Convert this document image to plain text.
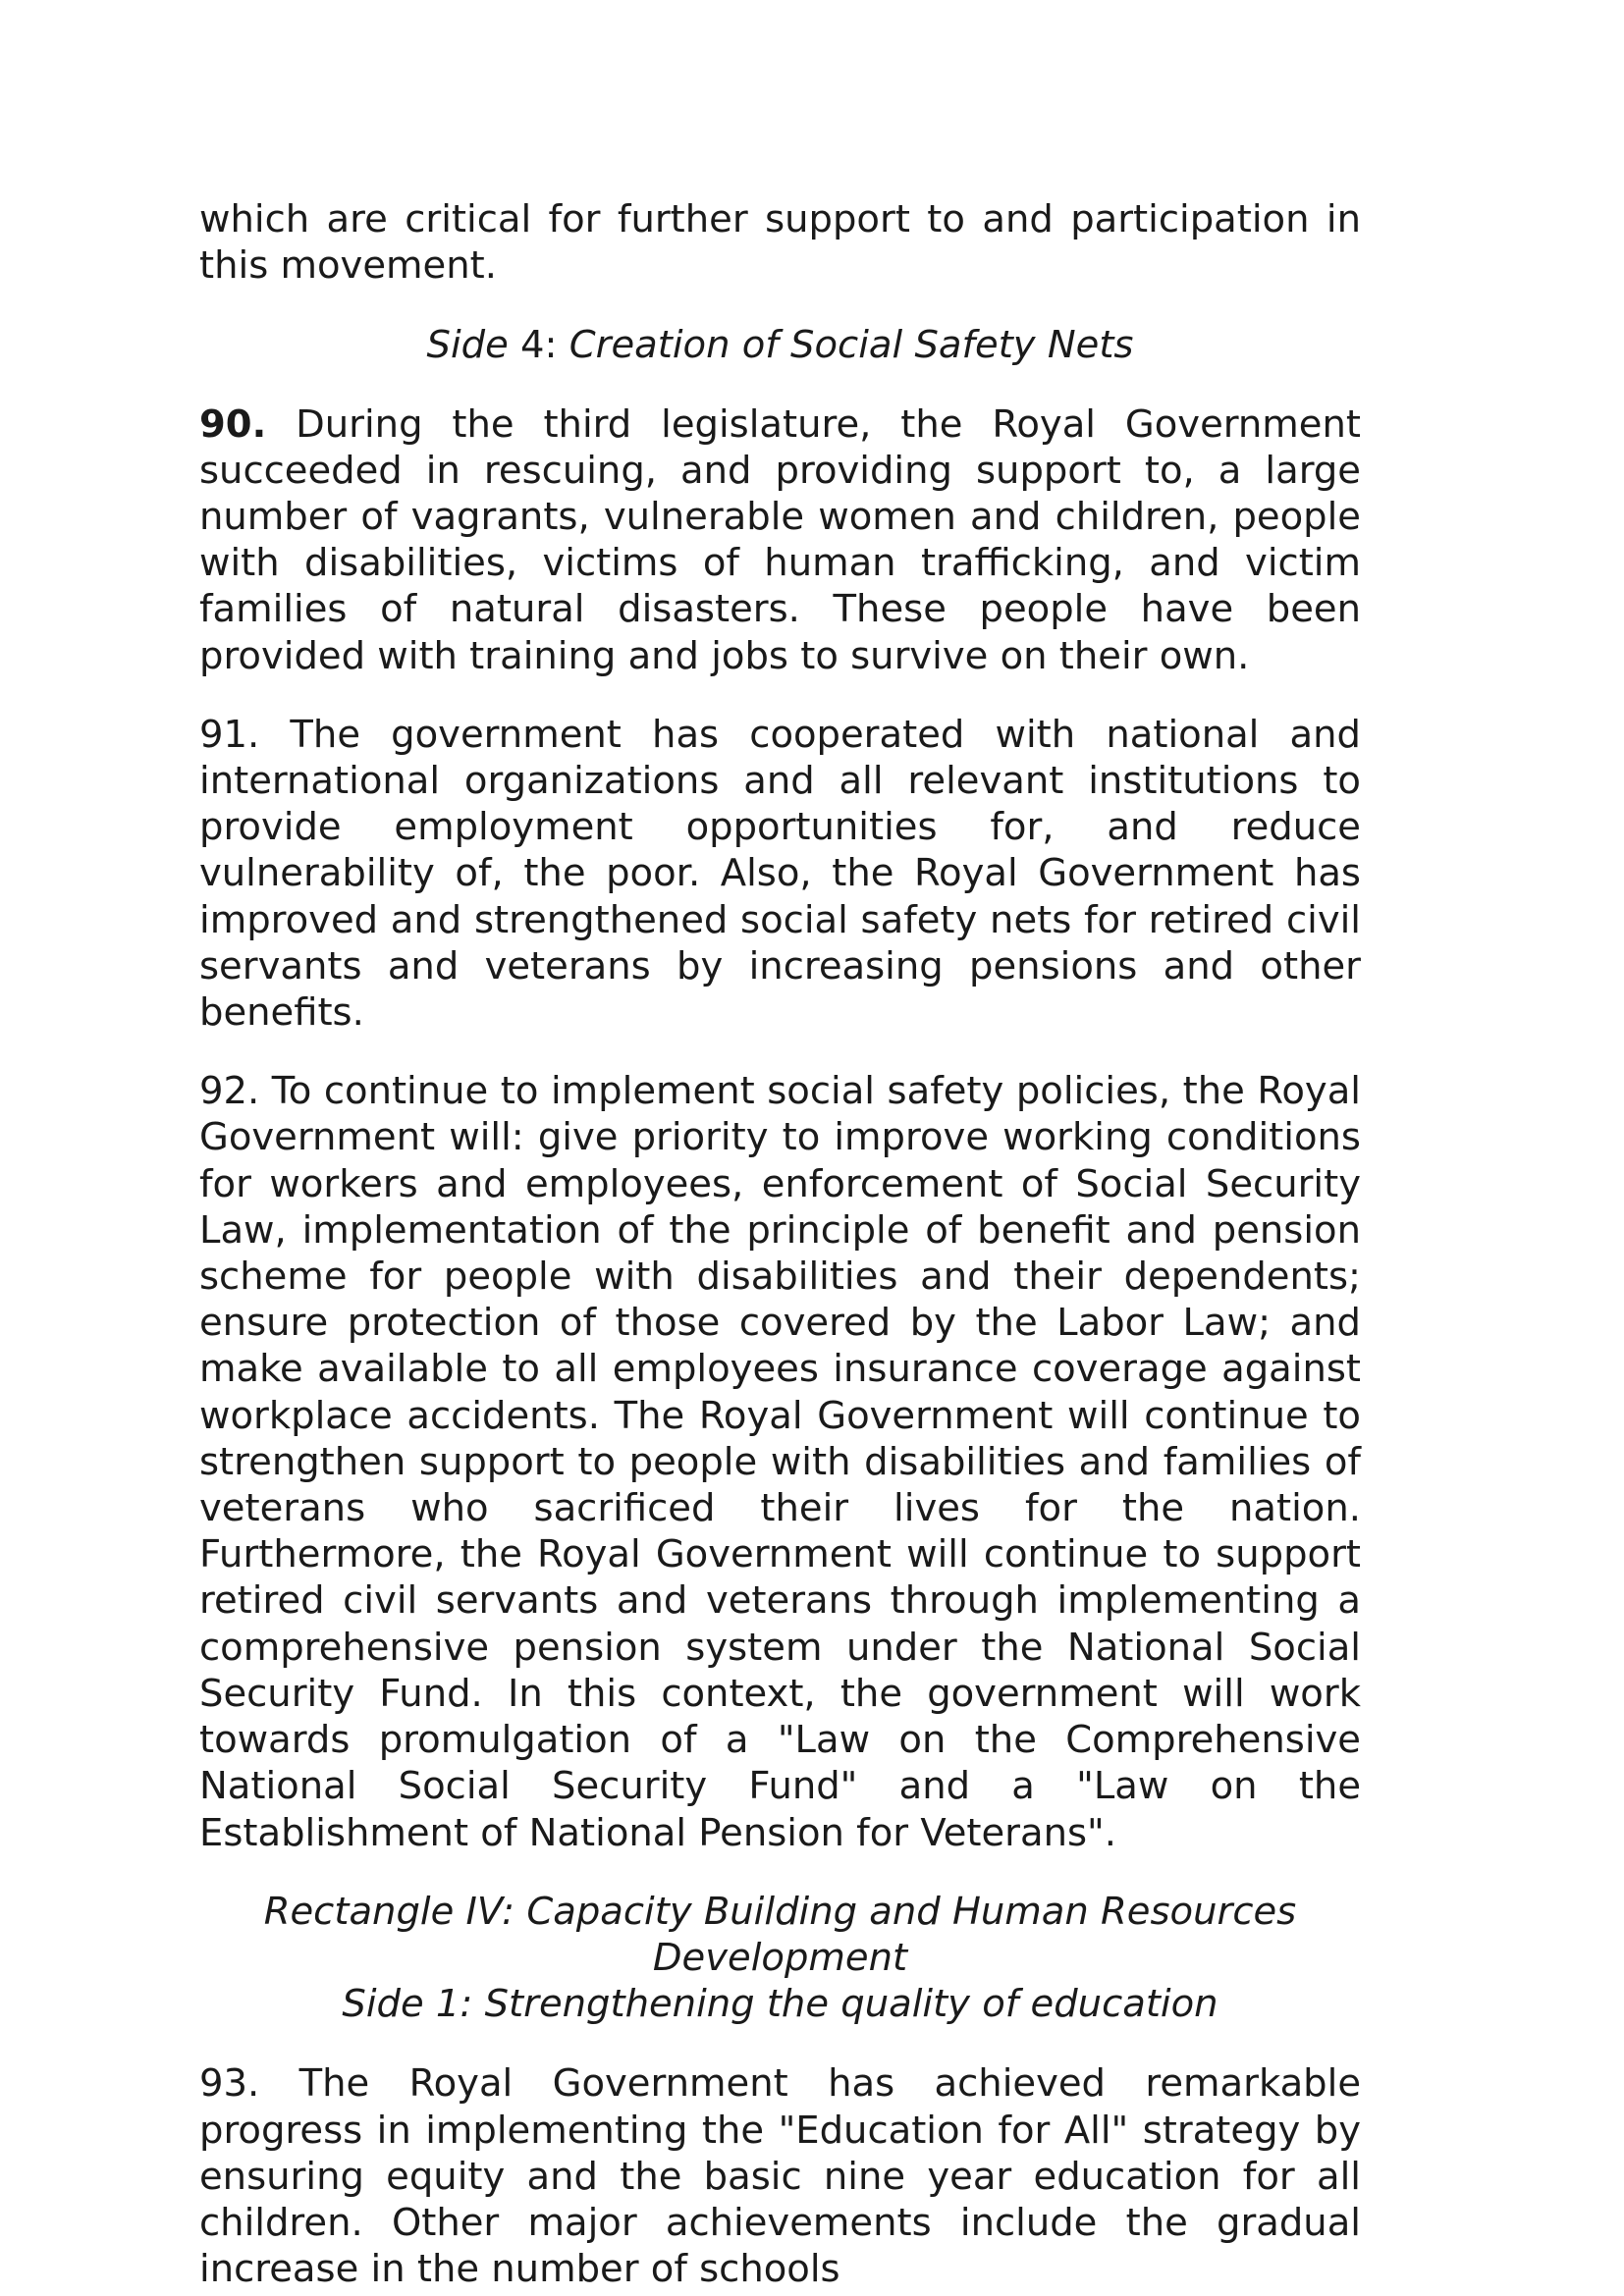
which are critical for further support to and participation in this movement.

Side 4: Creation of Social Safety Nets

90. During the third legislature, the Royal Government succeeded in rescuing, and providing support to, a large number of vagrants, vulnerable women and children, people with disabilities, victims of human trafficking, and victim families of natural disasters. These people have been provided with training and jobs to survive on their own.

91. The government has cooperated with national and international organizations and all relevant institutions to provide employment opportunities for, and reduce vulnerability of, the poor. Also, the Royal Government has improved and strengthened social safety nets for retired civil servants and veterans by increasing pensions and other benefits.

92. To continue to implement social safety policies, the Royal Government will: give priority to improve working conditions for workers and employees, enforcement of Social Security Law, implementation of the principle of benefit and pension scheme for people with disabilities and their dependents; ensure protection of those covered by the Labor Law; and make available to all employees insurance coverage against workplace accidents. The Royal Government will continue to strengthen support to people with disabilities and families of veterans who sacrificed their lives for the nation. Furthermore, the Royal Government will continue to support retired civil servants and veterans through implementing a comprehensive pension system under the National Social Security Fund. In this context, the government will work towards promulgation of a "Law on the Comprehensive National Social Security Fund" and a "Law on the Establishment of National Pension for Veterans".

Rectangle IV: Capacity Building and Human Resources Development
Side 1: Strengthening the quality of education

93. The Royal Government has achieved remarkable progress in implementing the "Education for All" strategy by ensuring equity and the basic nine year education for all children. Other major achievements include the gradual increase in the number of schools
